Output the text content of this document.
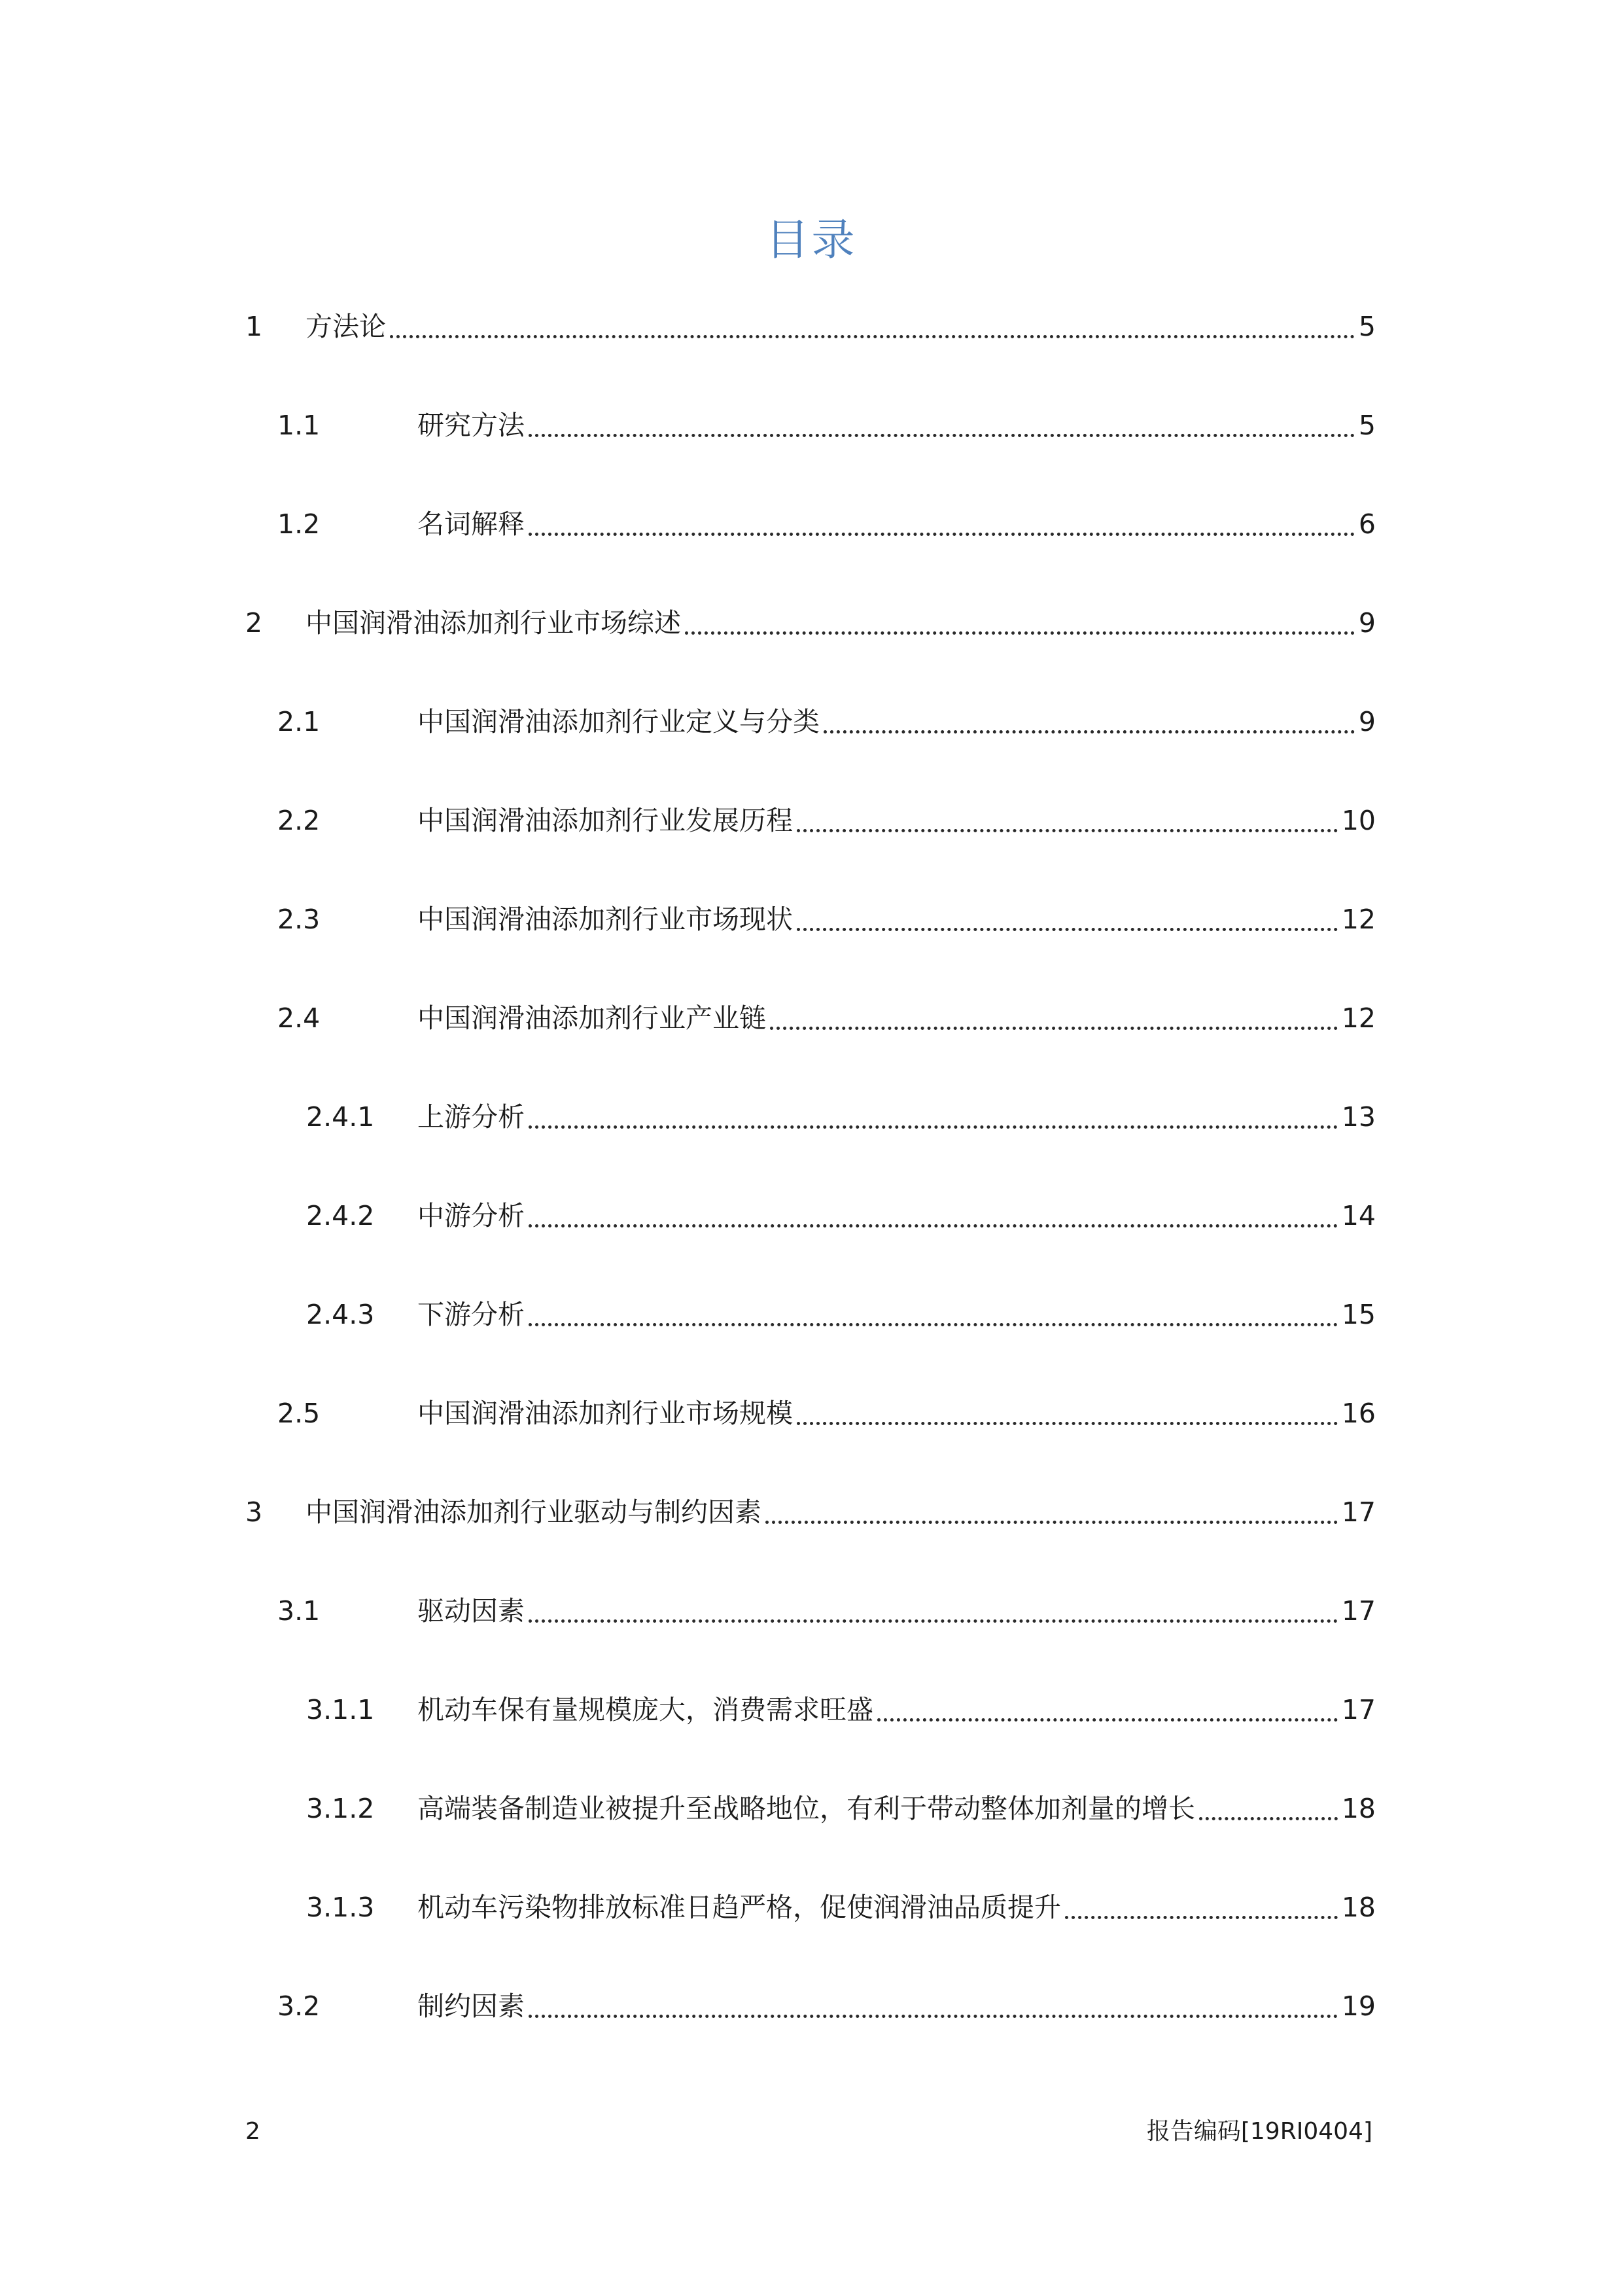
目录
1 方法论	5
1.1	研究方法	5
1.2	名词解释	6
2 中国润滑油添加剂行业市场综述	9
2.1	中国润滑油添加剂行业定义与分类	9
2.2	中国润滑油添加剂行业发展历程	10
2.3	中国润滑油添加剂行业市场现状	12
2.4	中国润滑油添加剂行业产业链	12
2.4.1 上游分析	13
2.4.2 中游分析	14
2.4.3 下游分析	15
2.5	中国润滑油添加剂行业市场规模	16
3 中国润滑油添加剂行业驱动与制约因素	17
3.1	驱动因素	17
3.1.1 机动车保有量规模庞大，消费需求旺盛	17
3.1.2 高端装备制造业被提升至战略地位，有利于带动整体加剂量的增长	18
3.1.3 机动车污染物排放标准日趋严格，促使润滑油品质提升	18
3.2	制约因素	19
2	报告编码[19RI0404]
